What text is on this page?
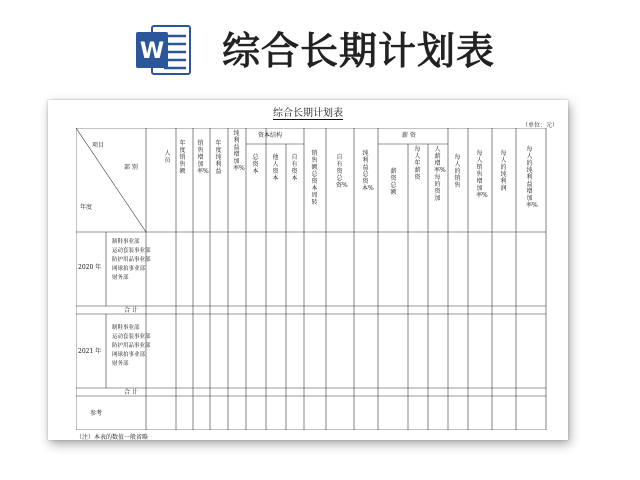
W 综合长期计划表
综合长期计划表
（单位：元）
项目
年度
部 别
人员
年度销售额
销售增加率%
年度纯利益
纯利益增加率%
资本结构
总资本
他人资本
自有资本
销售额总资本周转
自有资总资%
纯利益总资本%
薪 资
薪资总额
每人年薪资
人薪增率%每的资加
每人的销售
每人销售增加率%
每人的纯利润
每人的纯利益增加率%
2020 年
制鞋事业部
运动套装事业部
防护用品事业部
网球拍事业部
财务部
合 计
2021 年
制鞋事业部
运动套装事业部
防护用品事业部
网球拍事业部
财务部
合 计
参考
（注）本表的数值一般省略
